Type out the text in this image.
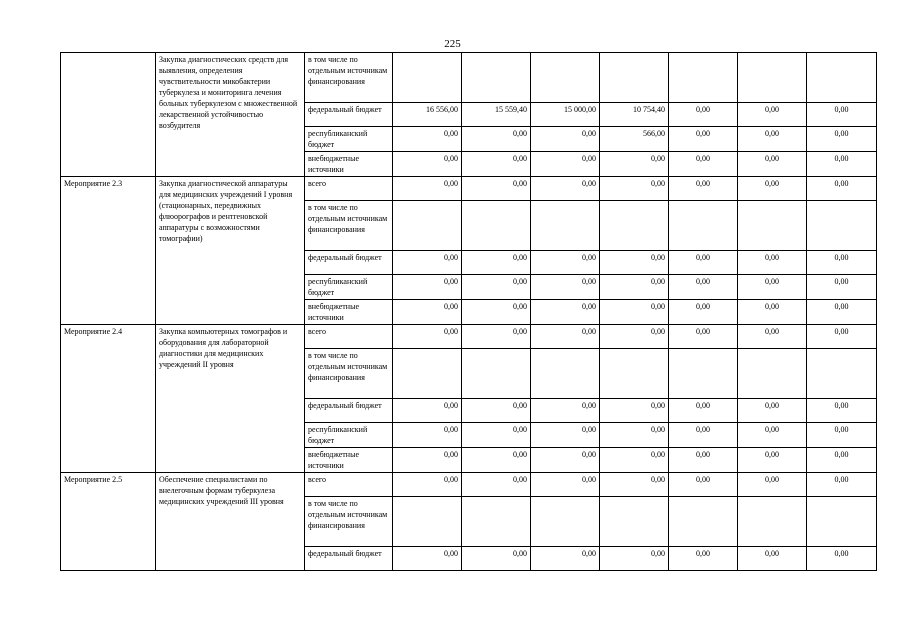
225
	Закупка диагностических средств для выявления, определения чувствительности микобактерии туберкулеза и мониторинга лечения больных туберкулезом с множественной лекарственной устойчивостью возбудителя	в том числе по отдельным источникам финансирования							
		федеральный бюджет	16 556,00	15 559,40	15 000,00	10 754,40	0,00	0,00	0,00
		республиканский бюджет	0,00	0,00	0,00	566,00	0,00	0,00	0,00
		внебюджетные источники	0,00	0,00	0,00	0,00	0,00	0,00	0,00
Мероприятие 2.3	Закупка диагностической аппаратуры для медицинских учреждений I уровня (стационарных, передвижных флюорографов и рентгеновской аппаратуры с возможностями томографии)	всего	0,00	0,00	0,00	0,00	0,00	0,00	0,00
		в том числе по отдельным источникам финансирования							
		федеральный бюджет	0,00	0,00	0,00	0,00	0,00	0,00	0,00
		республиканский бюджет	0,00	0,00	0,00	0,00	0,00	0,00	0,00
		внебюджетные источники	0,00	0,00	0,00	0,00	0,00	0,00	0,00
Мероприятие 2.4	Закупка компьютерных томографов и оборудования для лабораторной диагностики для медицинских учреждений II уровня	всего	0,00	0,00	0,00	0,00	0,00	0,00	0,00
		в том числе по отдельным источникам финансирования							
		федеральный бюджет	0,00	0,00	0,00	0,00	0,00	0,00	0,00
		республиканский бюджет	0,00	0,00	0,00	0,00	0,00	0,00	0,00
		внебюджетные источники	0,00	0,00	0,00	0,00	0,00	0,00	0,00
Мероприятие 2.5	Обеспечение специалистами по внелегочным формам туберкулеза медицинских учреждений III уровня	всего	0,00	0,00	0,00	0,00	0,00	0,00	0,00
		в том числе по отдельным источникам финансирования							
		федеральный бюджет	0,00	0,00	0,00	0,00	0,00	0,00	0,00
